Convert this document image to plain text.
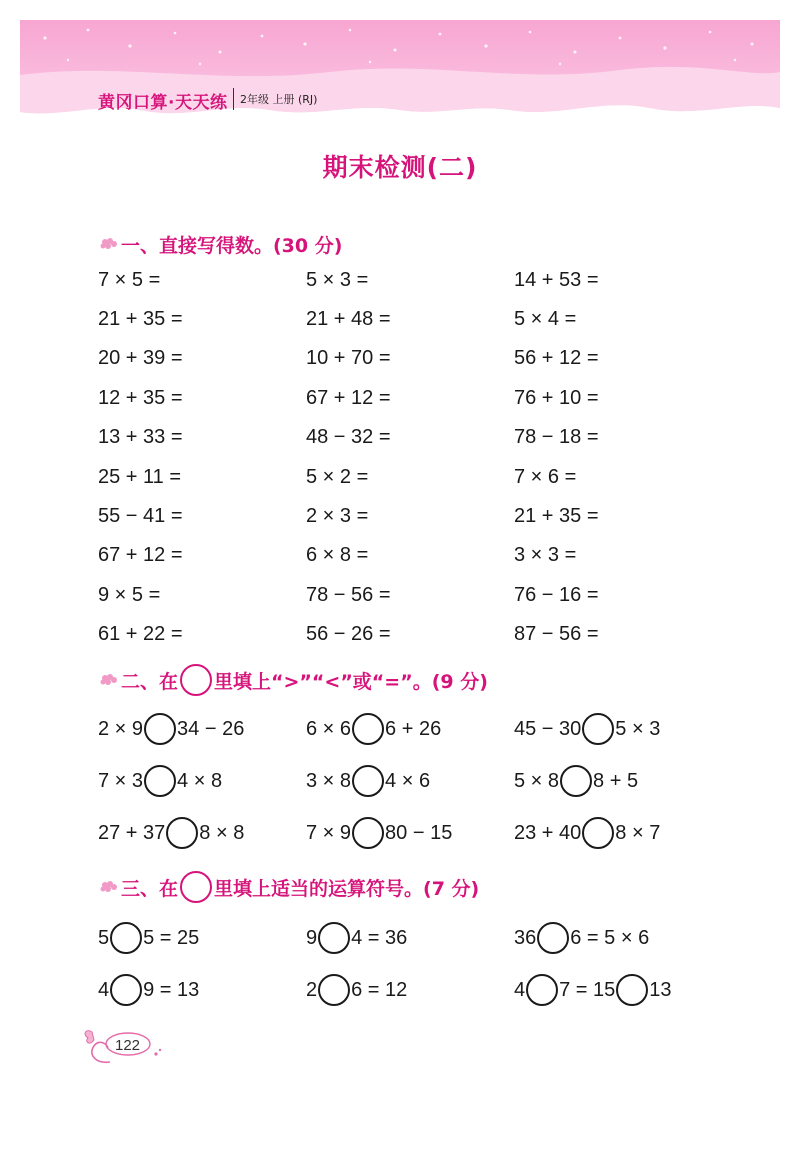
黄冈口算·天天练 2年级 上册 (RJ)
期末检测(二)
一、直接写得数。(30 分)
7 × 5 =	5 × 3 =	14 + 53 =
21 + 35 =	21 + 48 =	5 × 4 =
20 + 39 =	10 + 70 =	56 + 12 =
12 + 35 =	67 + 12 =	76 + 10 =
13 + 33 =	48 − 32 =	78 − 18 =
25 + 11 =	5 × 2 =	7 × 6 =
55 − 41 =	2 × 3 =	21 + 35 =
67 + 12 =	6 × 8 =	3 × 3 =
9 × 5 =	78 − 56 =	76 − 16 =
61 + 22 =	56 − 26 =	87 − 56 =
二、在 里填上“>”“<”或“=”。(9 分)
2 × 9 34 − 26	6 × 6 6 + 26	45 − 30 5 × 3
7 × 3 4 × 8	3 × 8 4 × 6	5 × 8 8 + 5
27 + 37 8 × 8	7 × 9 80 − 15	23 + 40 8 × 7
三、在 里填上适当的运算符号。(7 分)
5 5 = 25	9 4 = 36	36 6 = 5 × 6
4 9 = 13	2 6 = 12	4 7 = 15 13
122
